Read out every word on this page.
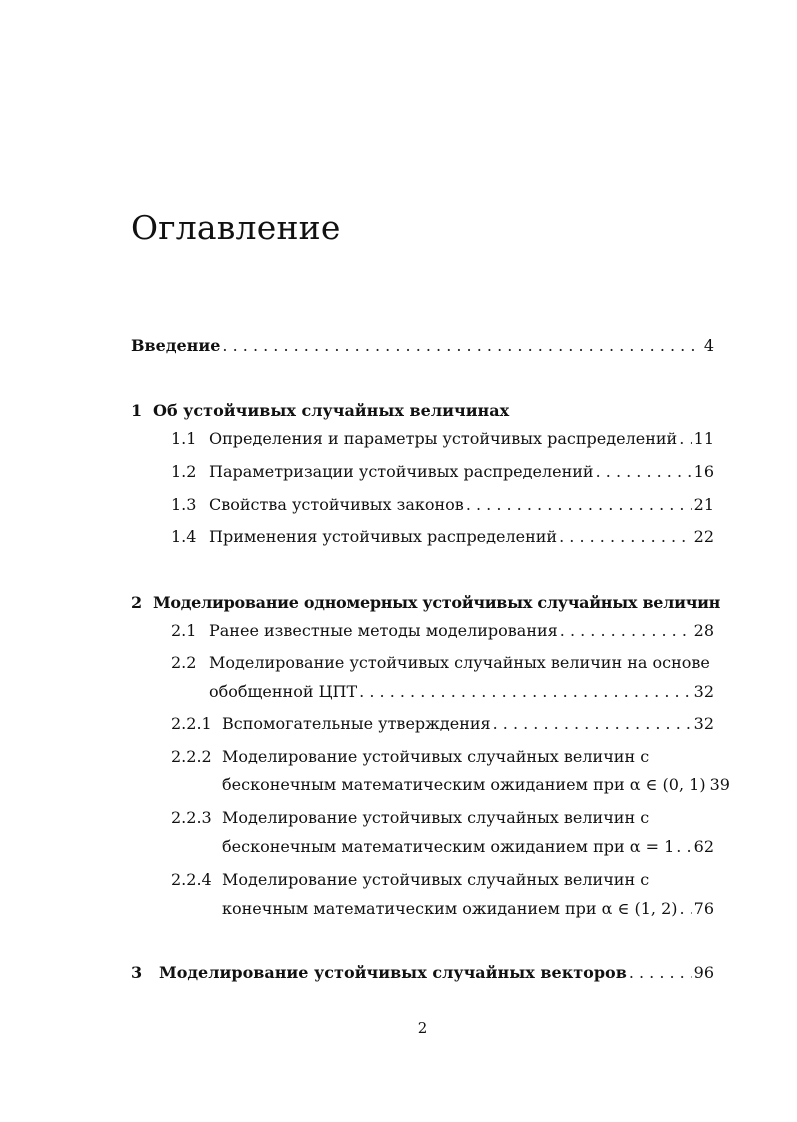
Оглавление
Введение . . .	4
1 Об устойчивых случайных величинах
1.1 Определения и параметры устойчивых распределений . . . 11
1.2 Параметризации устойчивых распределений . . .	16
1.3 Свойства устойчивых законов . . .	21
1.4 Применения устойчивых распределений . . .	22
2 Моделирование одномерных устойчивых случайных величин
2.1 Ранее известные методы моделирования . . .	28
2.2 Моделирование устойчивых случайных величин на основе
обобщенной ЦПТ . . .	32
2.2.1 Вспомогательные утверждения . . .	32
2.2.2 Моделирование устойчивых случайных величин с
бесконечным математическим ожиданием при α ∈ (0, 1) 39
2.2.3 Моделирование устойчивых случайных величин с
бесконечным математическим ожиданием при α = 1 . . . 62
2.2.4 Моделирование устойчивых случайных величин с
конечным математическим ожиданием при α ∈ (1, 2) . . . 76
3	Моделирование устойчивых случайных векторов . . .	96
2
